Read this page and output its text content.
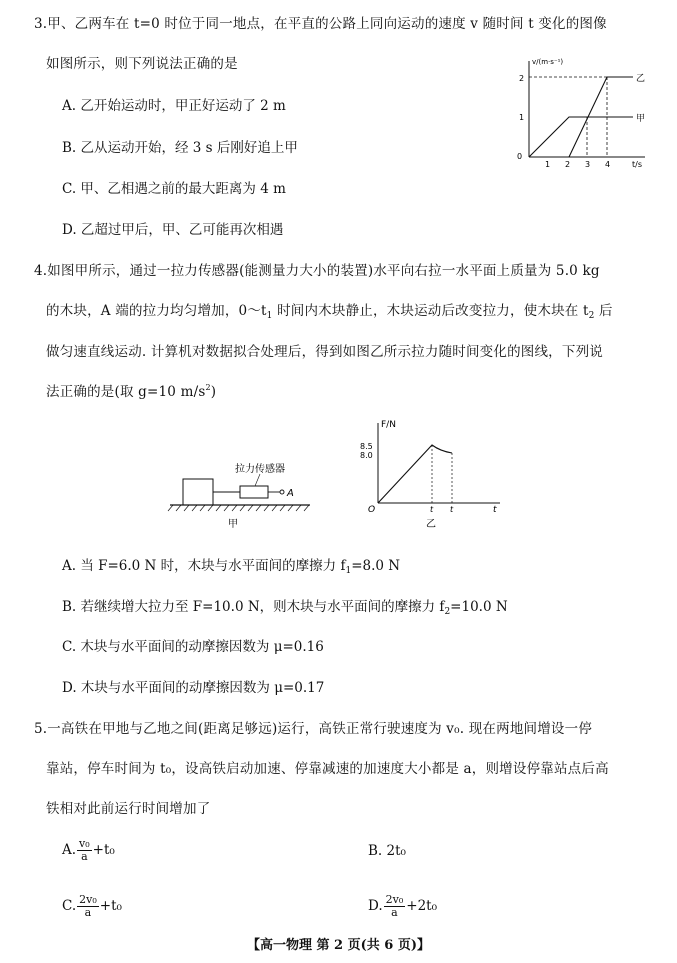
3.甲、乙两车在 t=0 时位于同一地点，在平直的公路上同向运动的速度 v 随时间 t 变化的图像
如图所示，则下列说法正确的是
A. 乙开始运动时，甲正好运动了 2 m
B. 乙从运动开始，经 3 s 后刚好追上甲
C. 甲、乙相遇之前的最大距离为 4 m
D. 乙超过甲后，甲、乙可能再次相遇
v/(m·s⁻¹)
t/s
2
1
0
1 2 3 4
乙
甲
4.如图甲所示，通过一拉力传感器(能测量力大小的装置)水平向右拉一水平面上质量为 5.0 kg
的木块，A 端的拉力均匀增加，$0\sim t_1$ 时间内木块静止，木块运动后改变拉力，使木块在 $t_2$ 后
做匀速直线运动. 计算机对数据拟合处理后，得到如图乙所示拉力随时间变化的图线，下列说
法正确的是(取 g=10 $m/s^2$)
A
拉力传感器
甲
F/N
8.5
8.0
O	t t	t
乙
A. 当 F=6.0 N 时，木块与水平面间的摩擦力 $f_1=8.0$ N
B. 若继续增大拉力至 F=10.0 N，则木块与水平面间的摩擦力 $f_2=10.0$ N
C. 木块与水平面间的动摩擦因数为 μ=0.16
D. 木块与水平面间的动摩擦因数为 μ=0.17
5.一高铁在甲地与乙地之间(距离足够远)运行，高铁正常行驶速度为 v₀. 现在两地间增设一停
靠站，停车时间为 t₀，设高铁启动加速、停靠减速的加速度大小都是 a，则增设停靠站点后高
铁相对此前运行时间增加了
A. $\frac{\text{v₀}}{a} +t_0$	B. 2t₀
C. $\frac{\text{2v₀}}{a} +t_0$	D. $\frac{\text{2v₀}}{a} +2t_0$
【高一物理 第 2 页(共 6 页)】
